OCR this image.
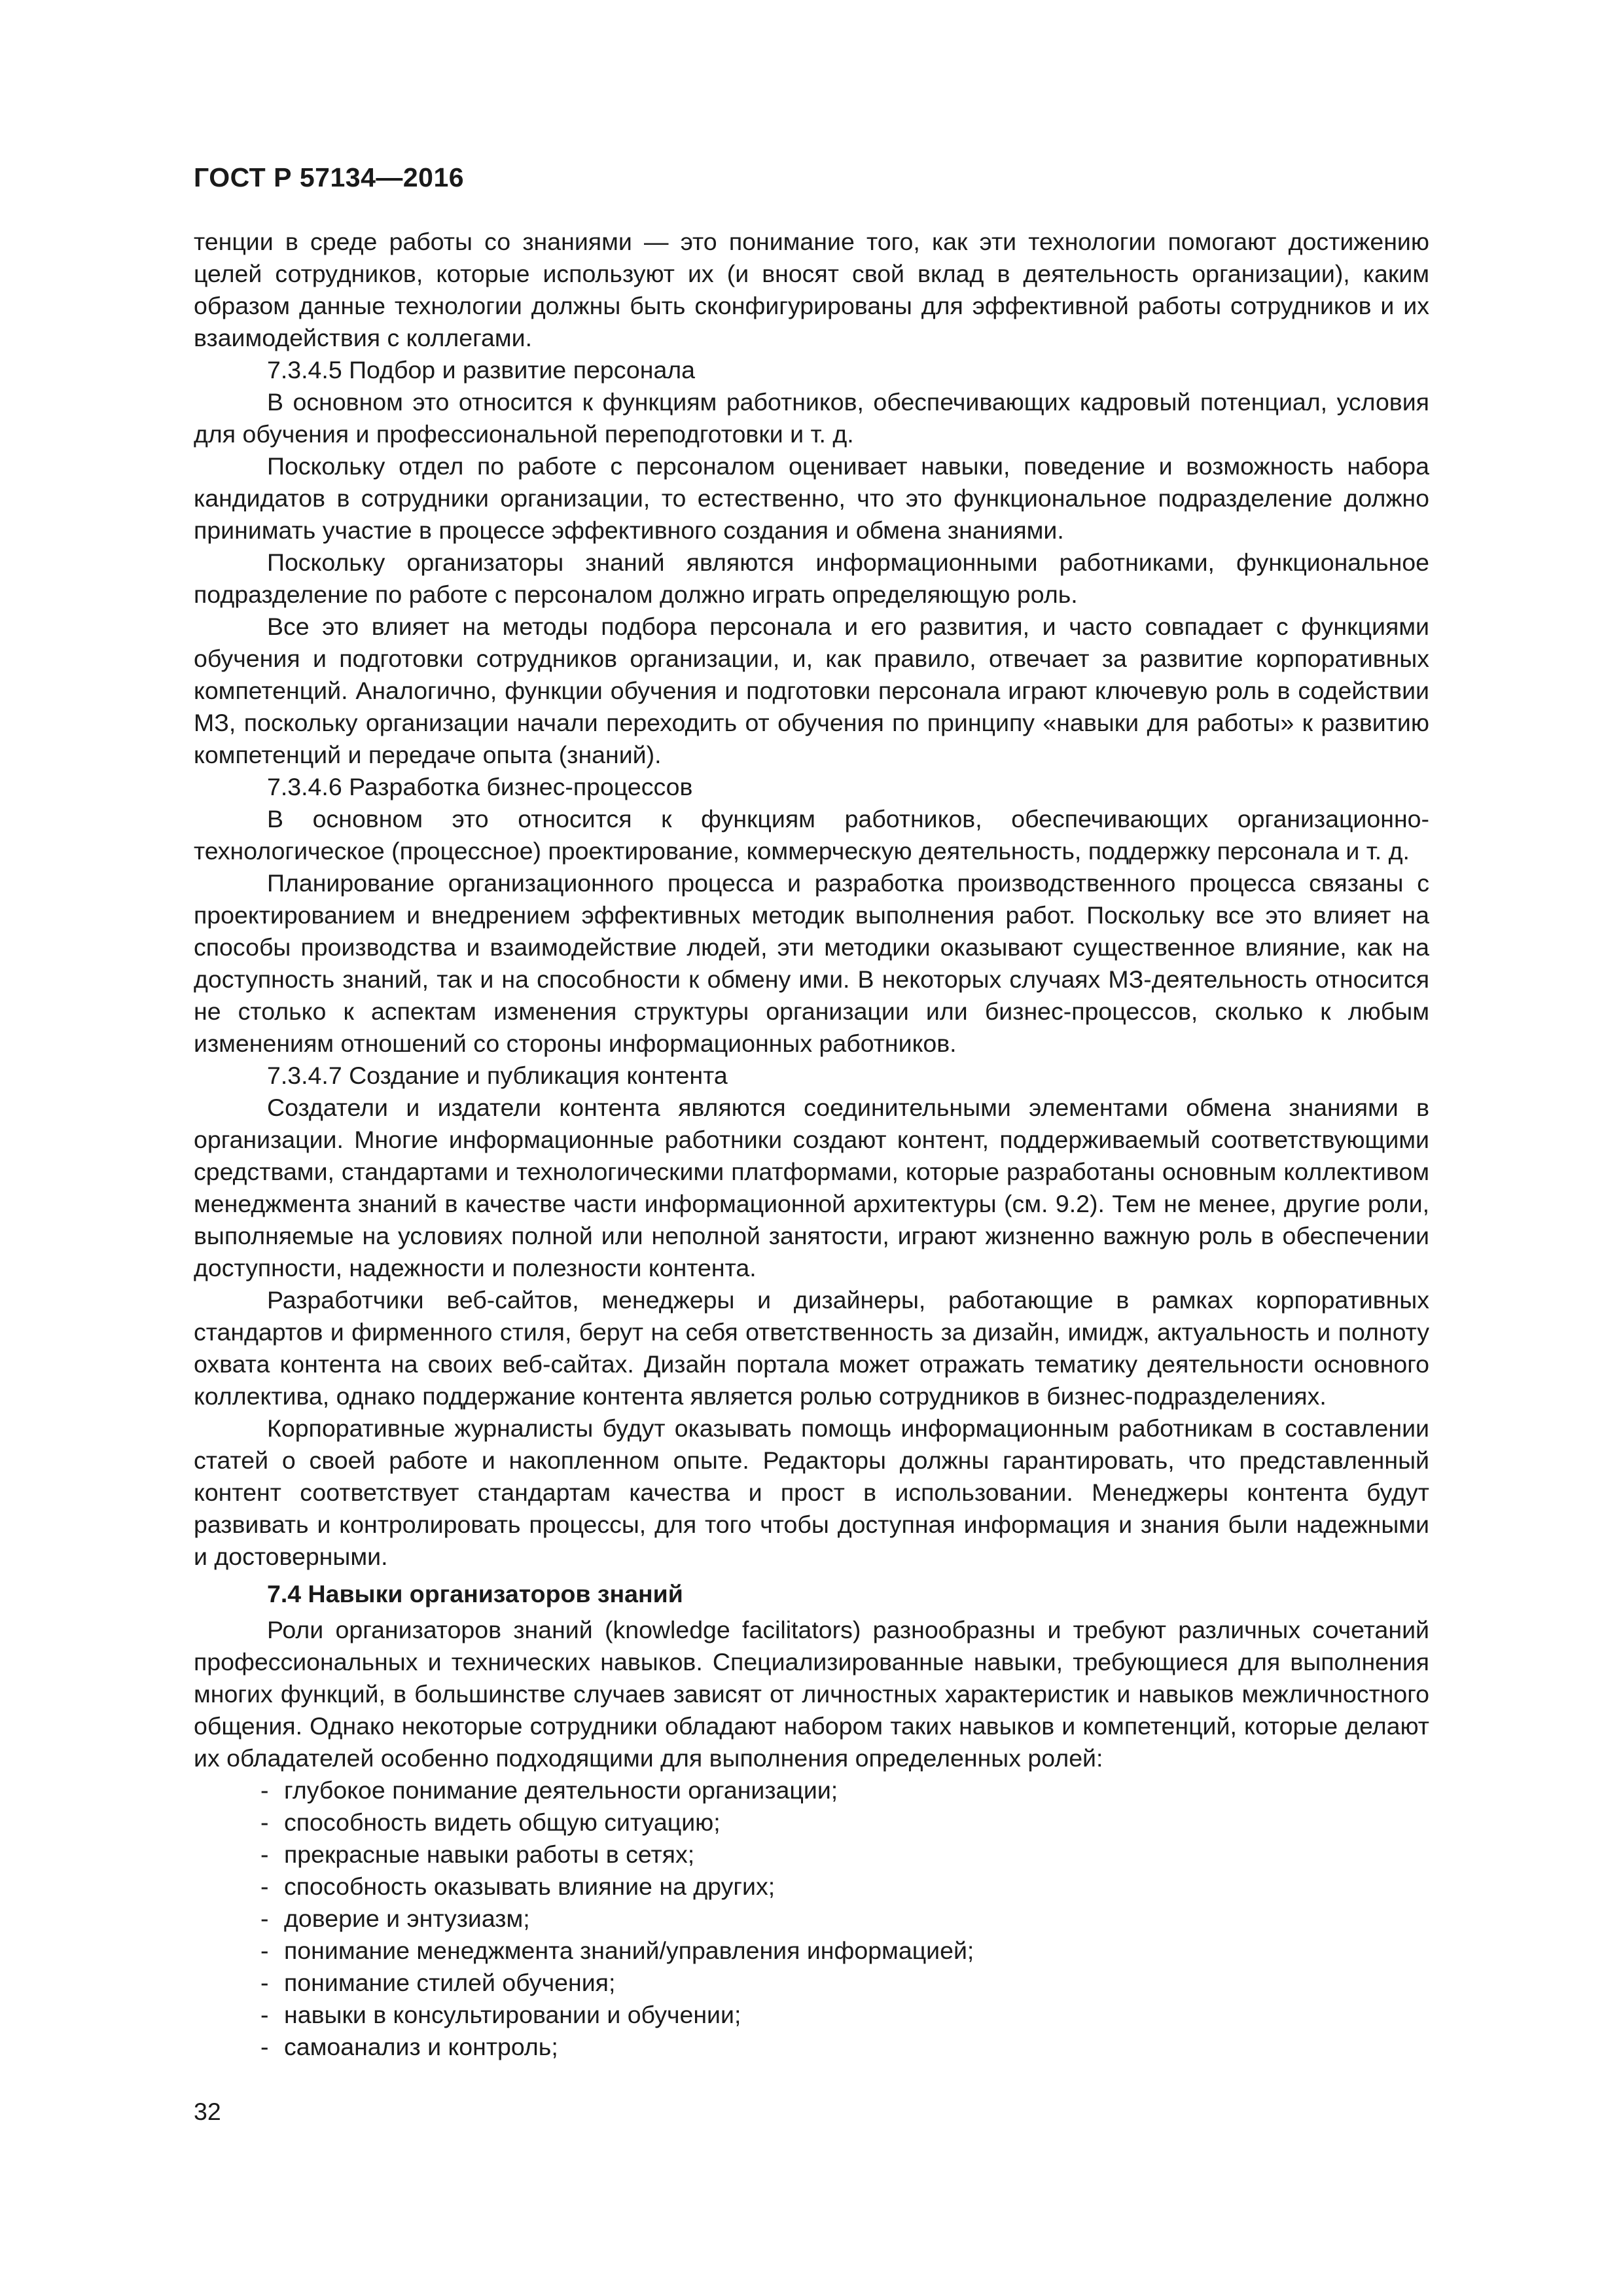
ГОСТ Р 57134—2016

тенции в среде работы со знаниями — это понимание того, как эти технологии помогают достижению целей сотрудников, которые используют их (и вносят свой вклад в деятельность организации), каким образом данные технологии должны быть сконфигурированы для эффективной работы сотрудников и их взаимодействия с коллегами.

7.3.4.5 Подбор и развитие персонала

В основном это относится к функциям работников, обеспечивающих кадровый потенциал, условия для обучения и профессиональной переподготовки и т. д.

Поскольку отдел по работе с персоналом оценивает навыки, поведение и возможность набора кандидатов в сотрудники организации, то естественно, что это функциональное подразделение должно принимать участие в процессе эффективного создания и обмена знаниями.

Поскольку организаторы знаний являются информационными работниками, функциональное подразделение по работе с персоналом должно играть определяющую роль.

Все это влияет на методы подбора персонала и его развития, и часто совпадает с функциями обучения и подготовки сотрудников организации, и, как правило, отвечает за развитие корпоративных компетенций. Аналогично, функции обучения и подготовки персонала играют ключевую роль в содействии МЗ, поскольку организации начали переходить от обучения по принципу «навыки для работы» к развитию компетенций и передаче опыта (знаний).

7.3.4.6 Разработка бизнес-процессов

В основном это относится к функциям работников, обеспечивающих организационно-технологическое (процессное) проектирование, коммерческую деятельность, поддержку персонала и т. д.

Планирование организационного процесса и разработка производственного процесса связаны с проектированием и внедрением эффективных методик выполнения работ. Поскольку все это влияет на способы производства и взаимодействие людей, эти методики оказывают существенное влияние, как на доступность знаний, так и на способности к обмену ими. В некоторых случаях МЗ-деятельность относится не столько к аспектам изменения структуры организации или бизнес-процессов, сколько к любым изменениям отношений со стороны информационных работников.

7.3.4.7 Создание и публикация контента

Создатели и издатели контента являются соединительными элементами обмена знаниями в организации. Многие информационные работники создают контент, поддерживаемый соответствующими средствами, стандартами и технологическими платформами, которые разработаны основным коллективом менеджмента знаний в качестве части информационной архитектуры (см. 9.2). Тем не менее, другие роли, выполняемые на условиях полной или неполной занятости, играют жизненно важную роль в обеспечении доступности, надежности и полезности контента.

Разработчики веб-сайтов, менеджеры и дизайнеры, работающие в рамках корпоративных стандартов и фирменного стиля, берут на себя ответственность за дизайн, имидж, актуальность и полноту охвата контента на своих веб-сайтах. Дизайн портала может отражать тематику деятельности основного коллектива, однако поддержание контента является ролью сотрудников в бизнес-подразделениях.

Корпоративные журналисты будут оказывать помощь информационным работникам в составлении статей о своей работе и накопленном опыте. Редакторы должны гарантировать, что представленный контент соответствует стандартам качества и прост в использовании. Менеджеры контента будут развивать и контролировать процессы, для того чтобы доступная информация и знания были надежными и достоверными.

7.4 Навыки организаторов знаний

Роли организаторов знаний (knowledge facilitators) разнообразны и требуют различных сочетаний профессиональных и технических навыков. Специализированные навыки, требующиеся для выполнения многих функций, в большинстве случаев зависят от личностных характеристик и навыков межличностного общения. Однако некоторые сотрудники обладают набором таких навыков и компетенций, которые делают их обладателей особенно подходящими для выполнения определенных ролей:

- глубокое понимание деятельности организации;
- способность видеть общую ситуацию;
- прекрасные навыки работы в сетях;
- способность оказывать влияние на других;
- доверие и энтузиазм;
- понимание менеджмента знаний/управления информацией;
- понимание стилей обучения;
- навыки в консультировании и обучении;
- самоанализ и контроль;
32
